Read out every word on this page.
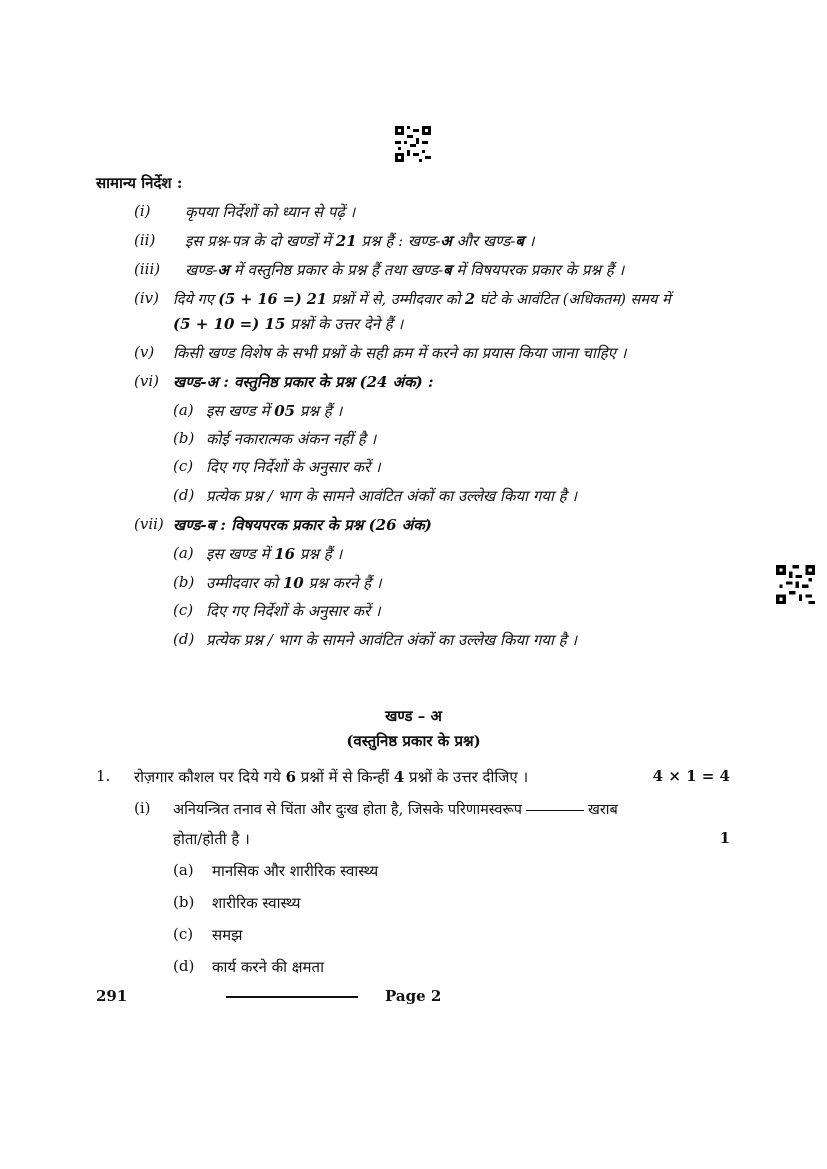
सामान्य निर्देश :
(i) कृपया निर्देशों को ध्यान से पढ़ें ।
(ii) इस प्रश्न-पत्र के दो खण्डों में 21 प्रश्न हैं : खण्ड-अ और खण्ड-ब ।
(iii) खण्ड-अ में वस्तुनिष्ठ प्रकार के प्रश्न हैं तथा खण्ड-ब में विषयपरक प्रकार के प्रश्न हैं ।
(iv) दिये गए (5 + 16 =) 21 प्रश्नों में से, उम्मीदवार को 2 घंटे के आवंटित (अधिकतम) समय में
(5 + 10 =) 15 प्रश्नों के उत्तर देने हैं ।
(v) किसी खण्ड विशेष के सभी प्रश्नों के सही क्रम में करने का प्रयास किया जाना चाहिए ।
(vi) खण्ड-अ : वस्तुनिष्ठ प्रकार के प्रश्न (24 अंक) :
(a) इस खण्ड में 05 प्रश्न हैं ।
(b) कोई नकारात्मक अंकन नहीं है ।
(c) दिए गए निर्देशों के अनुसार करें ।
(d) प्रत्येक प्रश्न / भाग के सामने आवंटित अंकों का उल्लेख किया गया है ।
(vii) खण्ड-ब : विषयपरक प्रकार के प्रश्न (26 अंक)
(a) इस खण्ड में 16 प्रश्न हैं ।
(b) उम्मीदवार को 10 प्रश्न करने हैं ।
(c) दिए गए निर्देशों के अनुसार करें ।
(d) प्रत्येक प्रश्न / भाग के सामने आवंटित अंकों का उल्लेख किया गया है ।
खण्ड – अ
(वस्तुनिष्ठ प्रकार के प्रश्न)
1. रोज़गार कौशल पर दिये गये 6 प्रश्नों में से किन्हीं 4 प्रश्नों के उत्तर दीजिए ।	4 × 1 = 4
(i) अनियन्त्रित तनाव से चिंता और दुःख होता है, जिसके परिणामस्वरूप	खराब
होता/होती है ।	1
(a) मानसिक और शारीरिक स्वास्थ्य
(b) शारीरिक स्वास्थ्य
(c) समझ
(d) कार्य करने की क्षमता
291	Page 2
